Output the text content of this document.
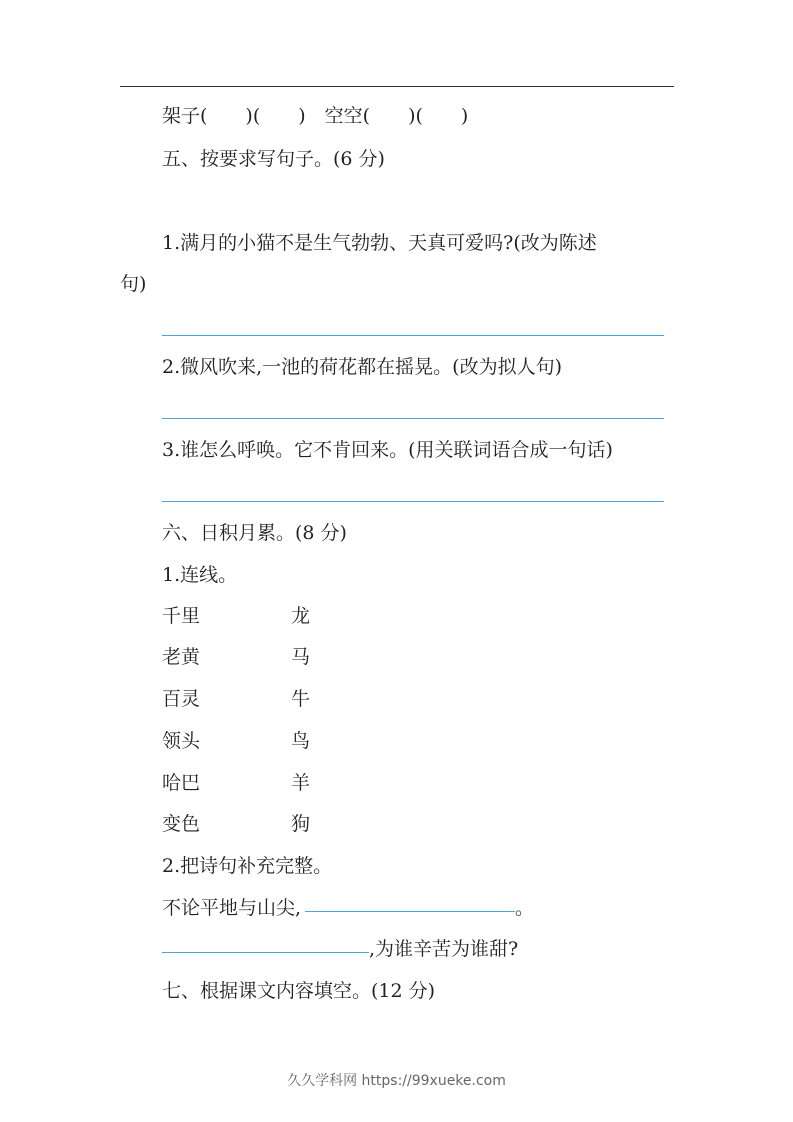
架子(　　)(　　)　空空(　　)(　　)
五、按要求写句子。(6 分)
1.满月的小猫不是生气勃勃、天真可爱吗?(改为陈述
句)
2.微风吹来,一池的荷花都在摇晃。(改为拟人句)
3.谁怎么呼唤。它不肯回来。(用关联词语合成一句话)
六、日积月累。(8 分)
1.连线。
千里	龙
老黄	马
百灵	牛
领头	鸟
哈巴	羊
变色	狗
2.把诗句补充完整。
不论平地与山尖,	。
,为谁辛苦为谁甜?
七、根据课文内容填空。(12 分)
久久学科网 https://99xueke.com
